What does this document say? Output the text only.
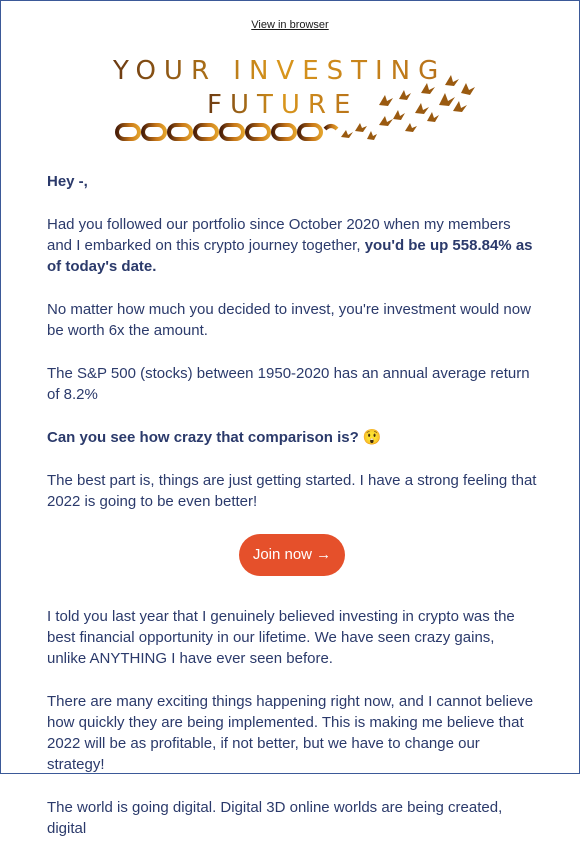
View in browser
YOUR INVESTING
FUTURE

Hey -,

Had you followed our portfolio since October 2020 when my members and I embarked on this crypto journey together, you'd be up 558.84% as of today's date.

No matter how much you decided to invest, you're investment would now be worth 6x the amount.

The S&P 500 (stocks) between 1950-2020 has an annual average return of 8.2%

Can you see how crazy that comparison is? 😲

The best part is, things are just getting started. I have a strong feeling that 2022 is going to be even better!

Join now →

I told you last year that I genuinely believed investing in crypto was the best financial opportunity in our lifetime. We have seen crazy gains, unlike ANYTHING I have ever seen before.

There are many exciting things happening right now, and I cannot believe how quickly they are being implemented. This is making me believe that 2022 will be as profitable, if not better, but we have to change our strategy!

The world is going digital. Digital 3D online worlds are being created, digital
